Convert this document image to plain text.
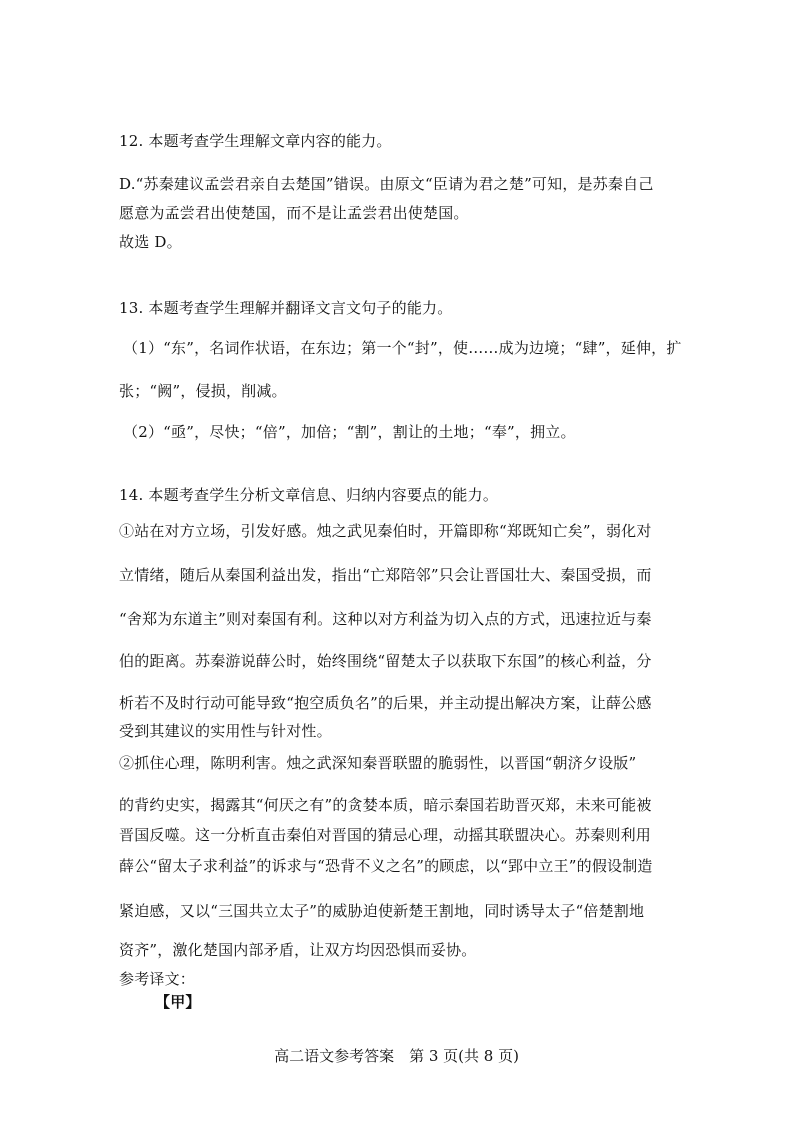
12. 本题考查学生理解文章内容的能力。
D.“苏秦建议孟尝君亲自去楚国”错误。由原文“臣请为君之楚”可知，是苏秦自己
愿意为孟尝君出使楚国，而不是让孟尝君出使楚国。
故选 D。
13. 本题考查学生理解并翻译文言文句子的能力。
（1）“东”，名词作状语，在东边；第一个“封”，使……成为边境；“肆”，延伸，扩
张；“阙”，侵损，削减。
（2）“亟”，尽快；“倍”，加倍；“割”，割让的土地；“奉”，拥立。
14. 本题考查学生分析文章信息、归纳内容要点的能力。
①站在对方立场，引发好感。烛之武见秦伯时，开篇即称“郑既知亡矣”，弱化对
立情绪，随后从秦国利益出发，指出“亡郑陪邻”只会让晋国壮大、秦国受损，而
“舍郑为东道主”则对秦国有利。这种以对方利益为切入点的方式，迅速拉近与秦
伯的距离。苏秦游说薛公时，始终围绕“留楚太子以获取下东国”的核心利益，分
析若不及时行动可能导致“抱空质负名”的后果，并主动提出解决方案，让薛公感
受到其建议的实用性与针对性。
②抓住心理，陈明利害。烛之武深知秦晋联盟的脆弱性，以晋国“朝济夕设版”
的背约史实，揭露其“何厌之有”的贪婪本质，暗示秦国若助晋灭郑，未来可能被
晋国反噬。这一分析直击秦伯对晋国的猜忌心理，动摇其联盟决心。苏秦则利用
薛公“留太子求利益”的诉求与“恐背不义之名”的顾虑，以“郢中立王”的假设制造
紧迫感，又以“三国共立太子”的威胁迫使新楚王割地，同时诱导太子“倍楚割地
资齐”，激化楚国内部矛盾，让双方均因恐惧而妥协。
参考译文：
【甲】
高二语文参考答案　第 3 页(共 8 页)
